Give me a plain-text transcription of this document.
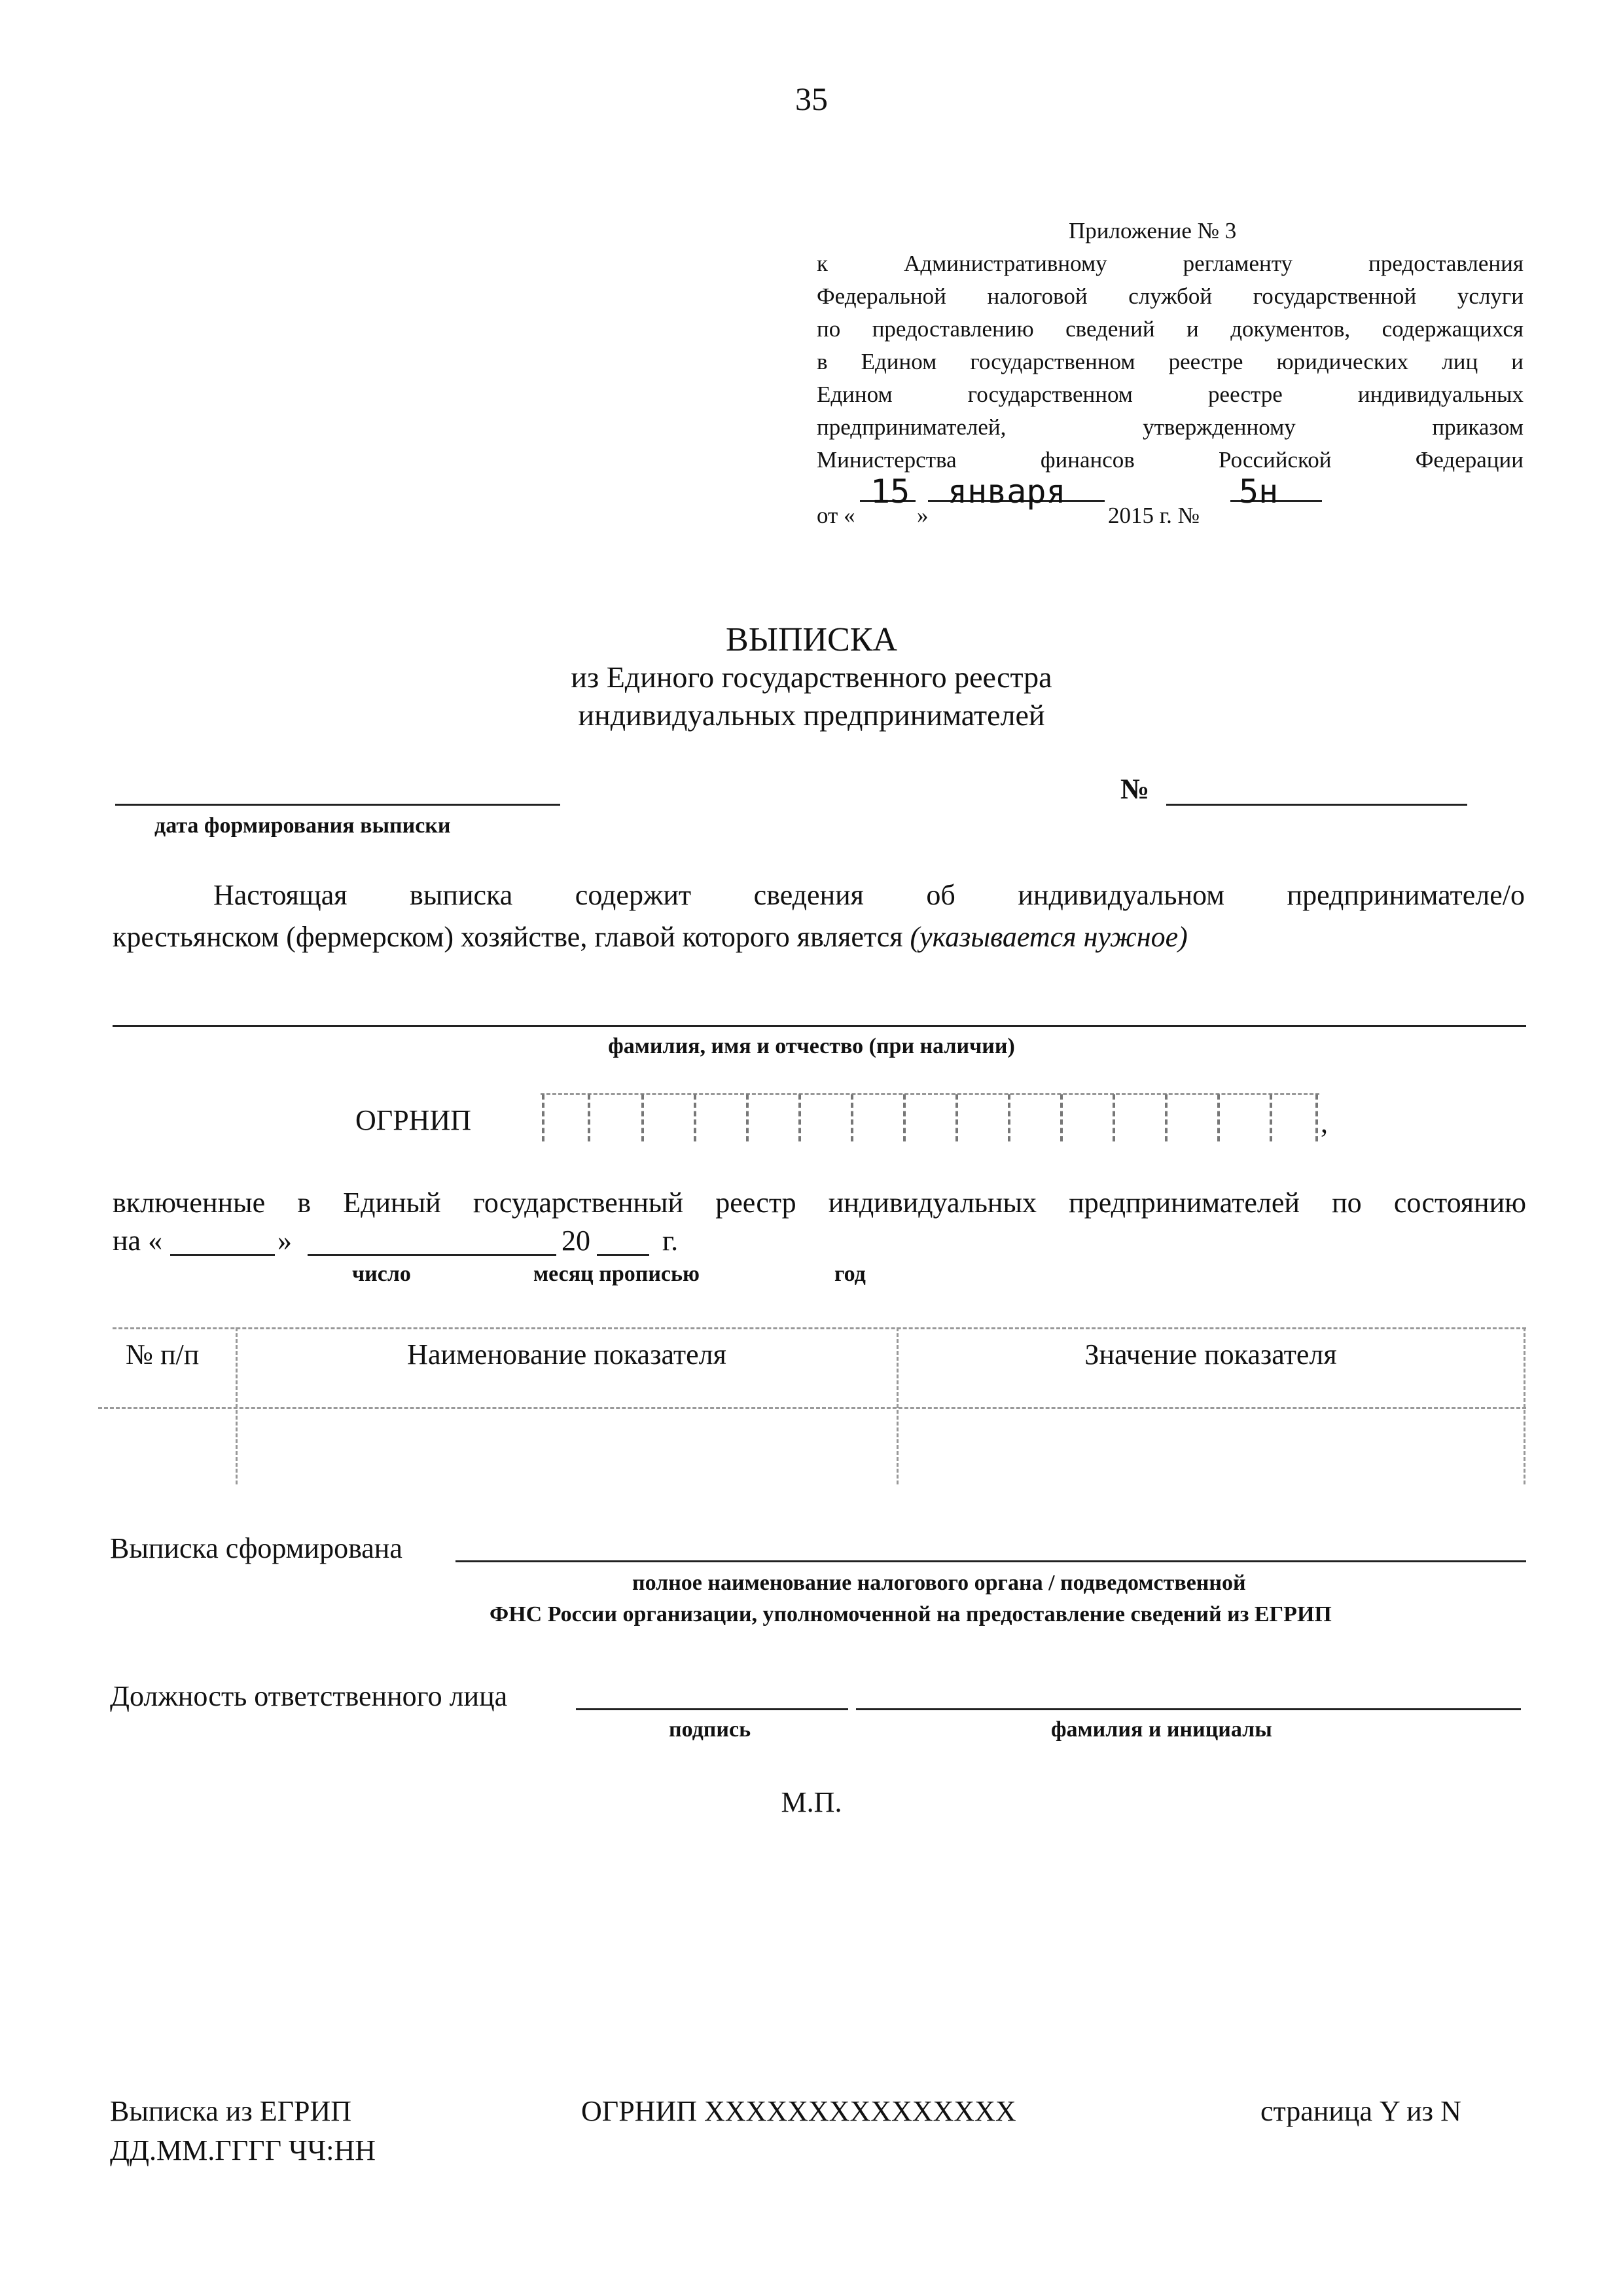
35
Приложение № 3
к Административному регламенту предоставления
Федеральной налоговой службой государственной услуги
по предоставлению сведений и документов, содержащихся
в Едином государственном реестре юридических лиц и
Едином государственном реестре индивидуальных
предпринимателей, утвержденному приказом
Министерства финансов Российской Федерации
от «
15
»
января
2015 г. №
5н
ВЫПИСКА
из Единого государственного реестра
индивидуальных предпринимателей
дата формирования выписки
№
Настоящая выписка содержит сведения об индивидуальном предпринимателе/о
крестьянском (фермерском) хозяйстве, главой которого является (указывается нужное)
фамилия, имя и отчество (при наличии)
ОГРНИП	,
включенные в Единый государственный реестр индивидуальных предпринимателей по состоянию
на «	»	20	г.
число	месяц прописью	год
№ п/п	Наименование показателя	Значение показателя
Выписка сформирована
полное наименование налогового органа / подведомственной
ФНС России организации, уполномоченной на предоставление сведений из ЕГРИП
Должность ответственного лица
подпись	фамилия и инициалы
М.П.
Выписка из ЕГРИП
ДД.ММ.ГГГГ ЧЧ:НН
ОГРНИП XXXXXXXXXXXXXXX	страница Y из N
